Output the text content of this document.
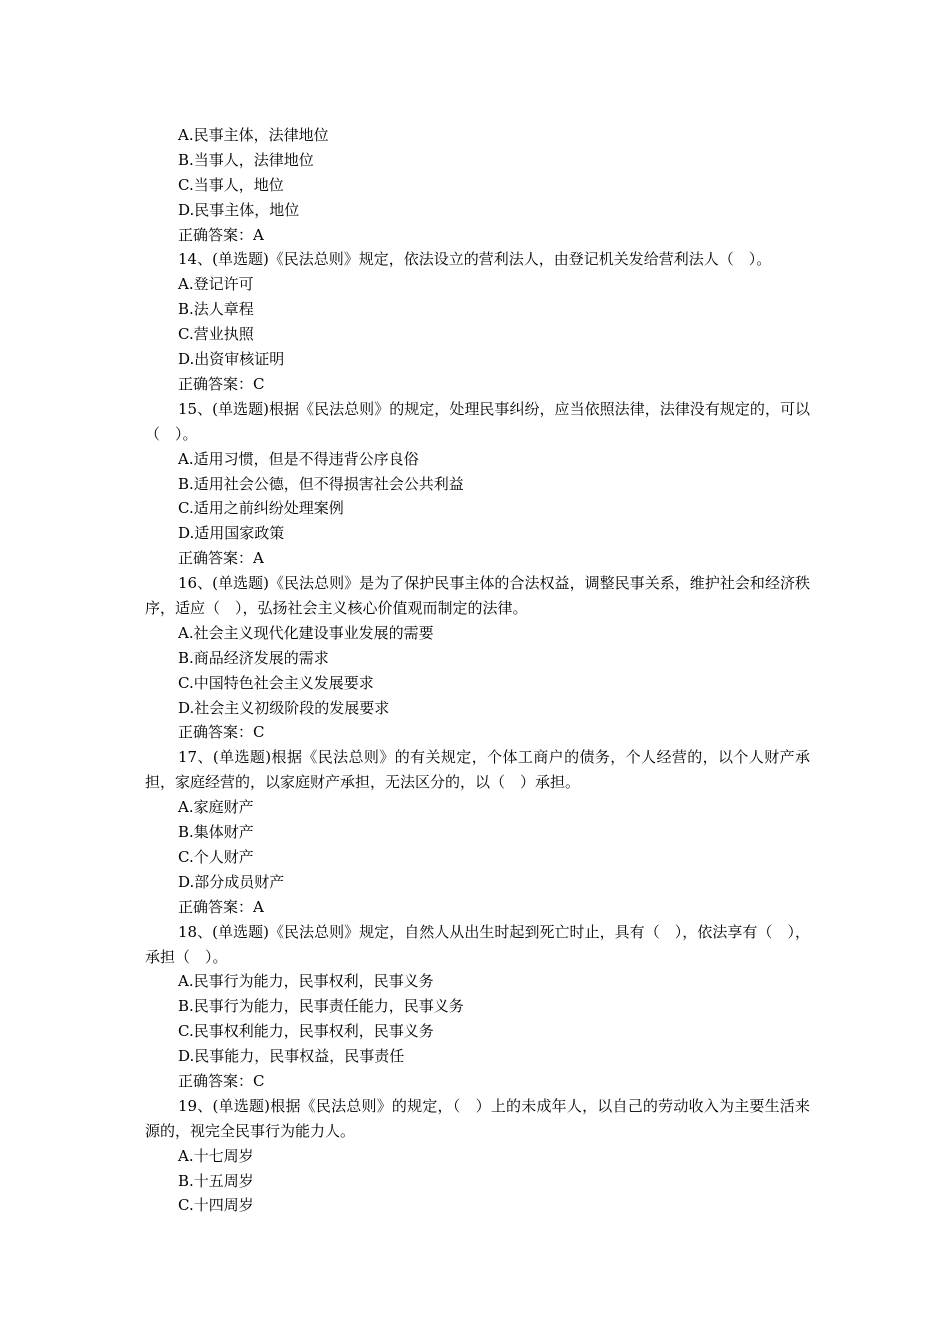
A.民事主体，法律地位
B.当事人，法律地位
C.当事人，地位
D.民事主体，地位
正确答案：A
14、(单选题)《民法总则》规定，依法设立的营利法人，由登记机关发给营利法人（　）。
A.登记许可
B.法人章程
C.营业执照
D.出资审核证明
正确答案：C
15、(单选题)根据《民法总则》的规定，处理民事纠纷，应当依照法律，法律没有规定的，可以（　）。
A.适用习惯，但是不得违背公序良俗
B.适用社会公德，但不得损害社会公共利益
C.适用之前纠纷处理案例
D.适用国家政策
正确答案：A
16、(单选题)《民法总则》是为了保护民事主体的合法权益，调整民事关系，维护社会和经济秩序，适应（　），弘扬社会主义核心价值观而制定的法律。
A.社会主义现代化建设事业发展的需要
B.商品经济发展的需求
C.中国特色社会主义发展要求
D.社会主义初级阶段的发展要求
正确答案：C
17、(单选题)根据《民法总则》的有关规定，个体工商户的债务，个人经营的，以个人财产承担，家庭经营的，以家庭财产承担，无法区分的，以（　）承担。
A.家庭财产
B.集体财产
C.个人财产
D.部分成员财产
正确答案：A
18、(单选题)《民法总则》规定，自然人从出生时起到死亡时止，具有（　），依法享有（　），承担（　）。
A.民事行为能力，民事权利，民事义务
B.民事行为能力，民事责任能力，民事义务
C.民事权利能力，民事权利，民事义务
D.民事能力，民事权益，民事责任
正确答案：C
19、(单选题)根据《民法总则》的规定，（　）上的未成年人，以自己的劳动收入为主要生活来源的，视完全民事行为能力人。
A.十七周岁
B.十五周岁
C.十四周岁
